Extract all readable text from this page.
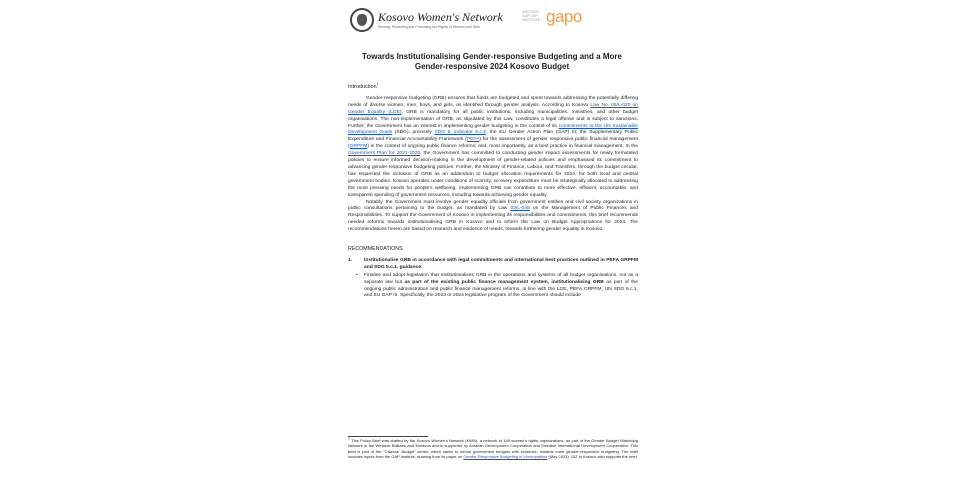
Kosovo Women's Network
Serving, Protecting and Promoting the Rights of Women and Girls
INSTITUTI GAP GAP INSTITUTE gapo
Towards Institutionalising Gender-responsive Budgeting and a More Gender-responsive 2024 Kosovo Budget

Introduction$^1$

Gender-responsive budgeting (GRB) ensures that funds are budgeted and spent towards addressing the potentially differing needs of diverse women, men, boys, and girls, as identified through gender analysis. According to Kosovo Law No. 05/L-020 on Gender Equality (LGE), GRB is mandatory for all public institutions, including municipalities, ministries, and other budget organisations. The non-implementation of GRB, as stipulated by this Law, constitutes a legal offense and is subject to sanctions. Further, the Government has an interest in implementing gender budgeting in the context of its commitments to the UN Sustainable Development Goals (SDG), precisely SDG 5, indicator 5.c.1; the EU Gender Action Plan (GAP) III; the Supplementary Public Expenditure and Financial Accountability Framework (PEFA) for the assessment of gender responsive public financial management (GRPFM) in the context of ongoing public finance reforms; and, most importantly, as a best practice in financial management. In the Government Plan for 2021-2025, the Government has committed to conducting gender impact assessments for newly formulated policies to ensure informed decision-making in the development of gender-related policies and emphasised its commitment to advancing gender-responsive budgeting policies. Further, the Ministry of Finance, Labour, and Transfers, through the budget circular, has requested the inclusion of GRB as an addendum to budget allocation requirements for 2024, for both local and central government bodies. Kosovo operates under conditions of scarcity, so every expenditure must be strategically allocated to addressing the most pressing needs for people's wellbeing. Implementing GRB can contribute to more effective, efficient, accountable, and transparent spending of government resources, including towards achieving gender equality.

Notably, the Government must involve gender equality officials from government entities and civil society organizations in public consultations pertaining to the budget, as mandated by Law 03/L-048 on the Management of Public Finances and Responsibilities. To support the Government of Kosovo in implementing its responsibilities and commitments, this brief recommends needed reforms towards institutionalising GRB in Kosovo and to inform the Law on Budget Appropriations for 2024. The recommendations herein are based on research and evidence of needs, towards furthering gender equality in Kosovo.

RECOMMENDATIONS

1. Institutionalise GRB in accordance with legal commitments and international best practices outlined in PEFA GRPFM and SDG 5.c.1. guidance.

• Finalise and adopt legislation that institutionalises GRB in the operations and systems of all budget organisations, not as a separate law but as part of the existing public finance management system, institutionalising GRB as part of the ongoing public administration and public finance management reforms, in line with the LGE, PEFA GRPFM, UN SDG 5.c.1, and EU GAP III. Specifically, the 2023 or 2024 legislative program of the Government should include

$^1$ This Policy Brief was drafted by the Kosovo Women's Network (KWN), a network of 140 women's rights organizations, as part of the Gender Budget Watchdog Network in the Western Balkans and Moldova and is supported by Austrian Development Cooperation and Swedish International Development Cooperation. This brief is part of the "Citizens' Budget" series, which seeks to inform government budgets with evidence, towards more gender-responsive budgeting. The brief includes inputs from the GAP Institute, drawing from its paper on Gender-Responsive Budgeting in Municipalities (May 2023). GIZ in Kosovo also supports the brief.
